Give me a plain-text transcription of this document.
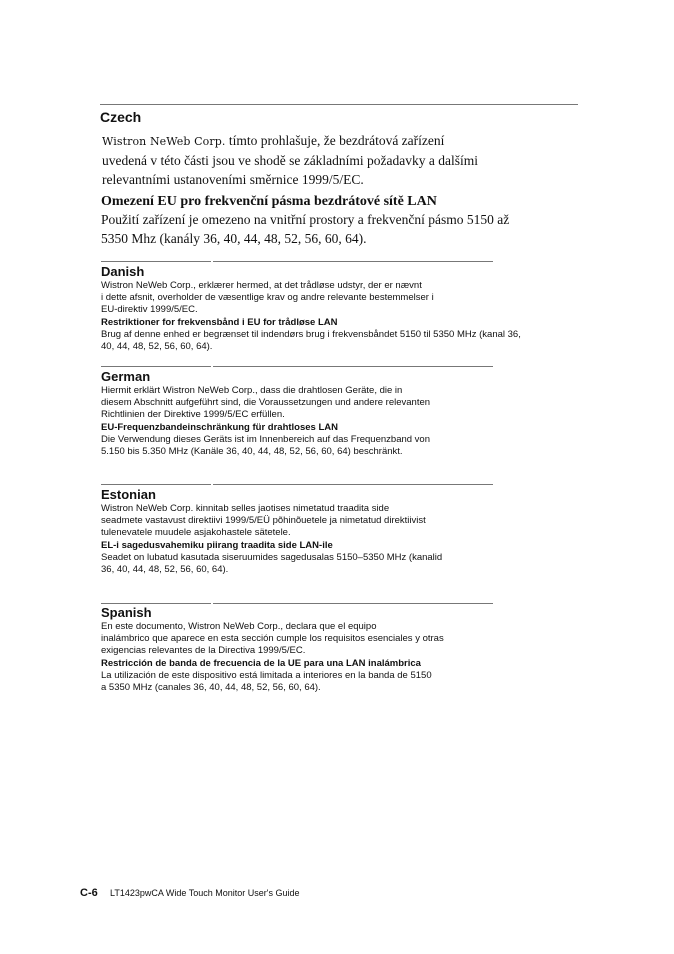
Czech
Wistron NeWeb Corp. tímto prohlašuje, že bezdrátová zařízení
uvedená v této části jsou ve shodě se základními požadavky a dalšími
relevantními ustanoveními směrnice 1999/5/EC.
Omezení EU pro frekvenční pásma bezdrátové sítě LAN
Použití zařízení je omezeno na vnitřní prostory a frekvenční pásmo 5150 až
5350 Mhz (kanály 36, 40, 44, 48, 52, 56, 60, 64).
Danish
Wistron NeWeb Corp., erklærer hermed, at det trådløse udstyr, der er nævnt
i dette afsnit, overholder de væsentlige krav og andre relevante bestemmelser i
EU-direktiv 1999/5/EC.
Restriktioner for frekvensbånd i EU for trådløse LAN
Brug af denne enhed er begrænset til indendørs brug i frekvensbåndet 5150 til 5350 MHz (kanal 36,
40, 44, 48, 52, 56, 60, 64).
German
Hiermit erklärt Wistron NeWeb Corp., dass die drahtlosen Geräte, die in
diesem Abschnitt aufgeführt sind, die Voraussetzungen und andere relevanten
Richtlinien der Direktive 1999/5/EC erfüllen.
EU-Frequenzbandeinschränkung für drahtloses LAN
Die Verwendung dieses Geräts ist im Innenbereich auf das Frequenzband von
5.150 bis 5.350 MHz (Kanäle 36, 40, 44, 48, 52, 56, 60, 64) beschränkt.
Estonian
Wistron NeWeb Corp. kinnitab selles jaotises nimetatud traadita side
seadmete vastavust direktiivi 1999/5/EÜ põhinõuetele ja nimetatud direktiivist
tulenevatele muudele asjakohastele sätetele.
EL-i sagedusvahemiku piirang traadita side LAN-ile
Seadet on lubatud kasutada siseruumides sagedusalas 5150–5350 MHz (kanalid
36, 40, 44, 48, 52, 56, 60, 64).
Spanish
En este documento, Wistron NeWeb Corp., declara que el equipo
inalámbrico que aparece en esta sección cumple los requisitos esenciales y otras
exigencias relevantes de la Directiva 1999/5/EC.
Restricción de banda de frecuencia de la UE para una LAN inalámbrica
La utilización de este dispositivo está limitada a interiores en la banda de 5150
a 5350 MHz (canales 36, 40, 44, 48, 52, 56, 60, 64).
C-6 LT1423pwCA Wide Touch Monitor User's Guide
